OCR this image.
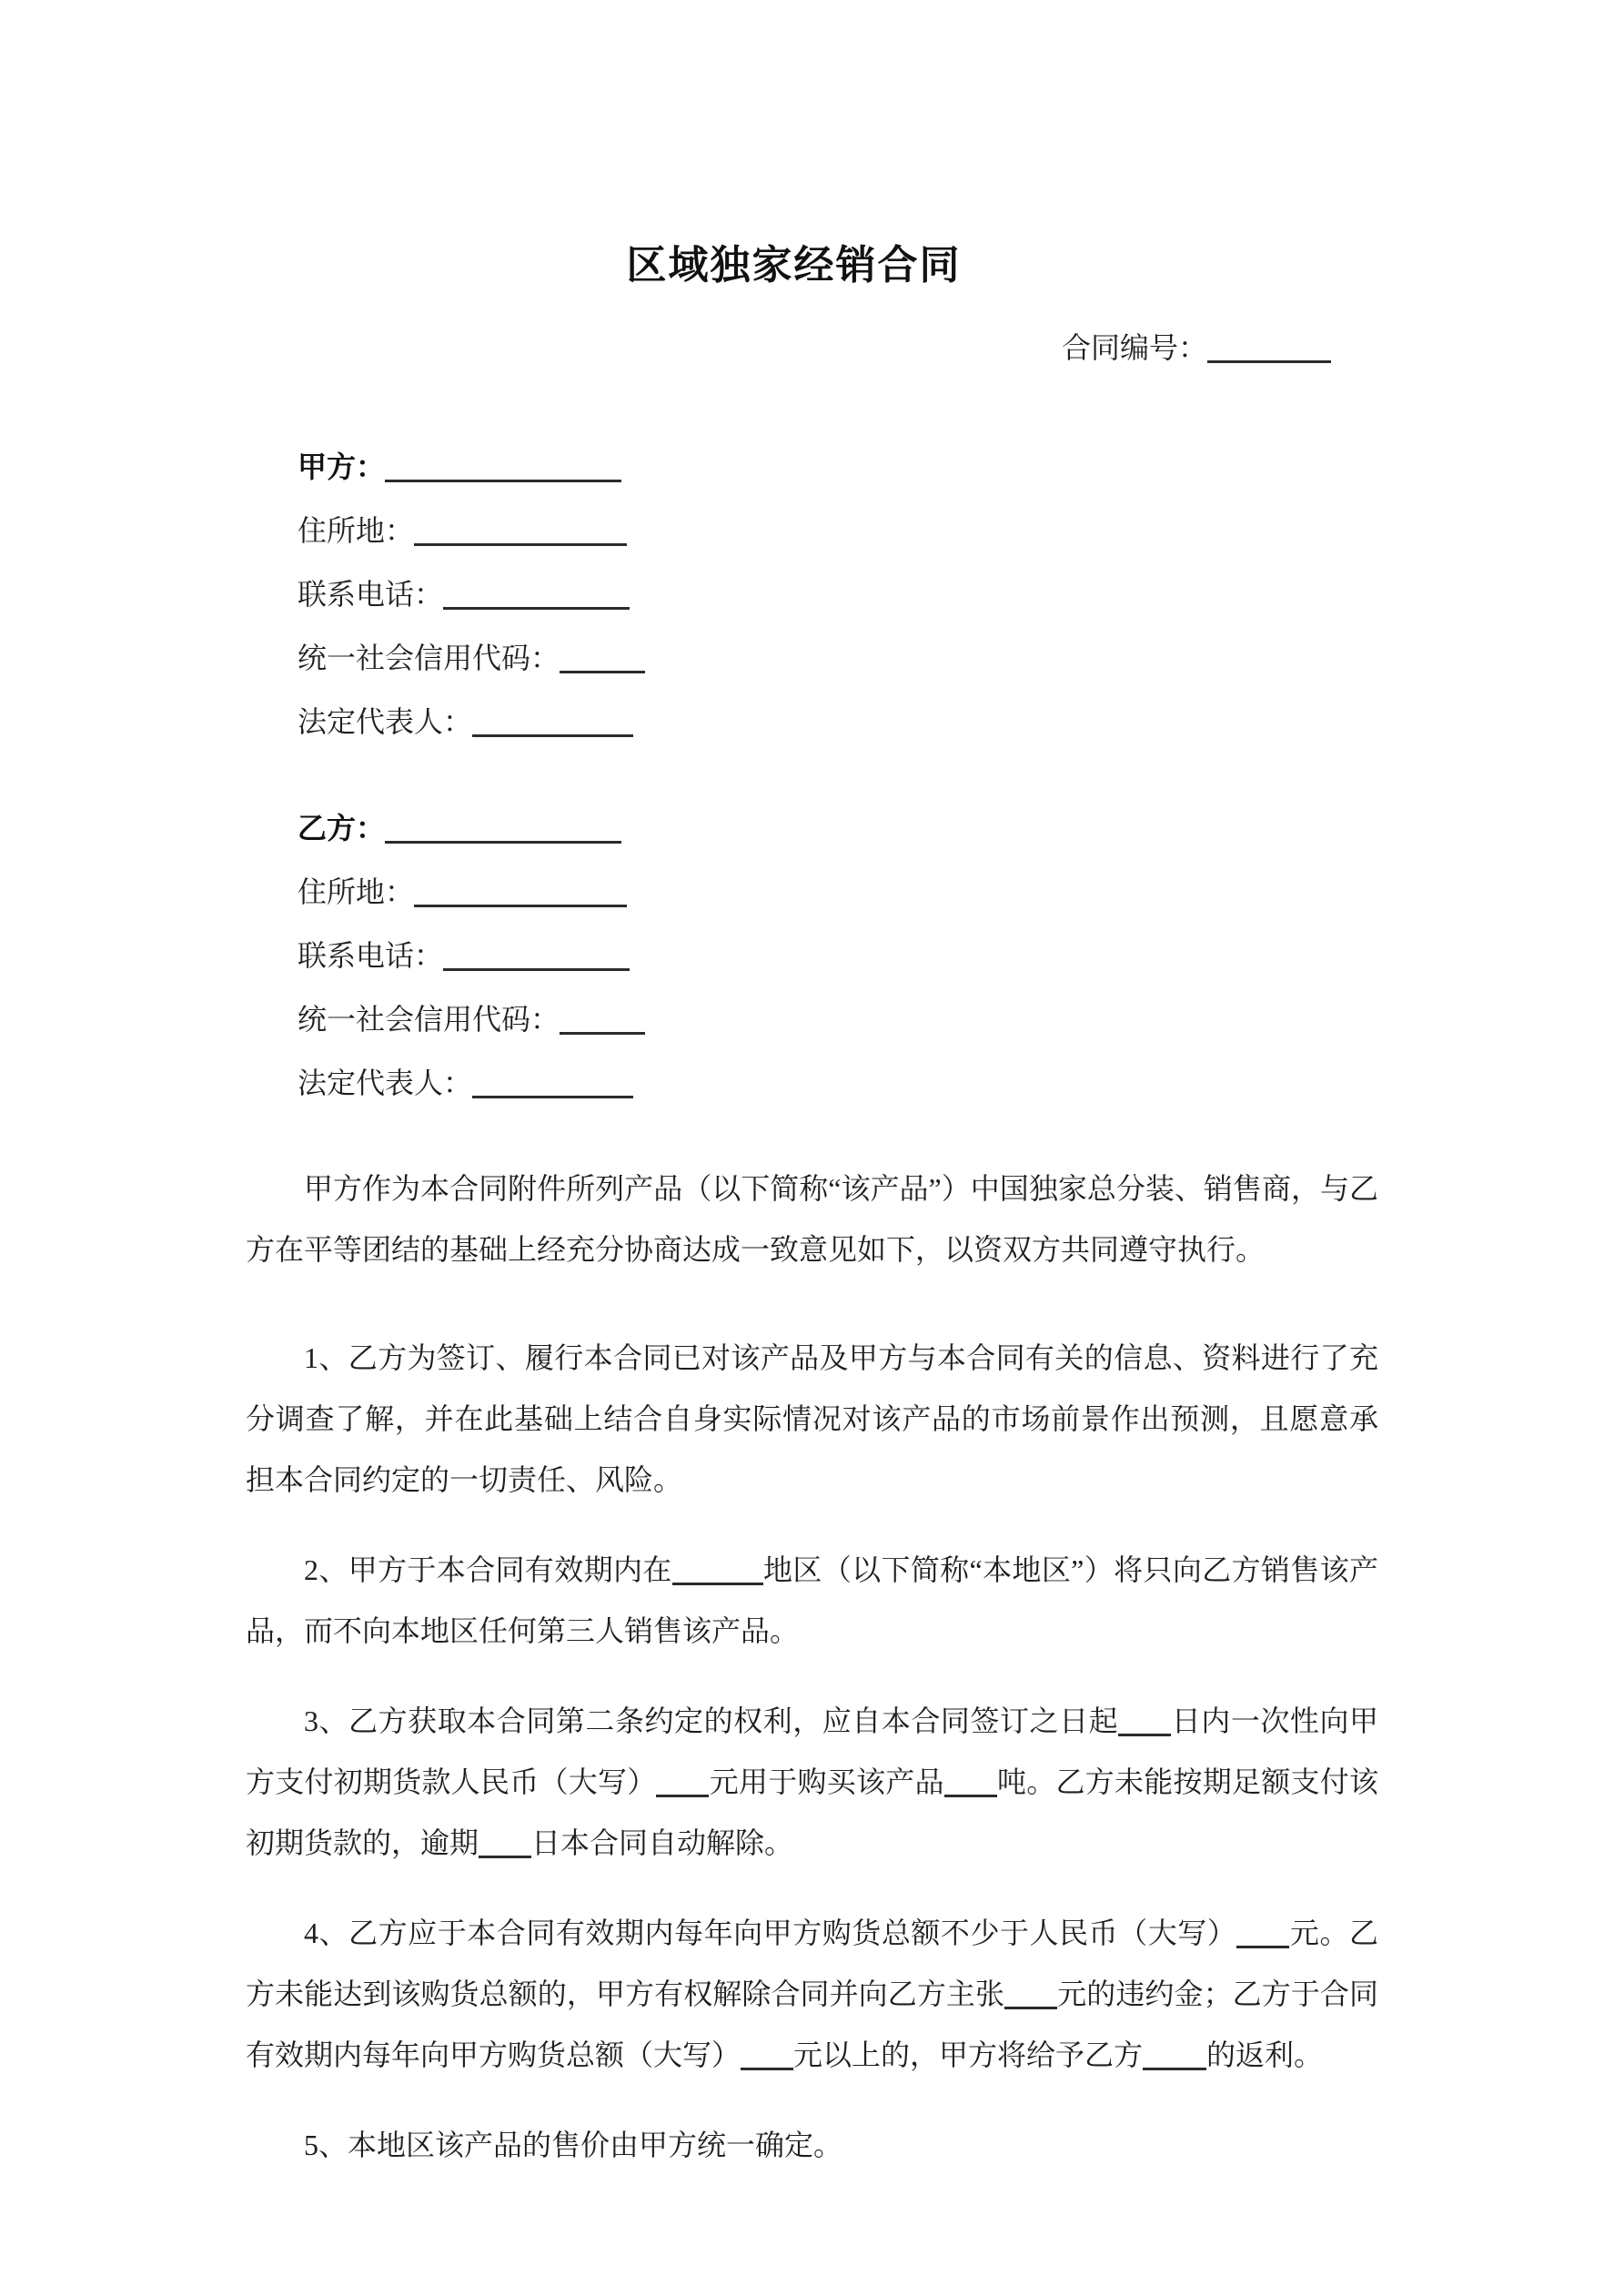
区域独家经销合同
合同编号：
甲方：
住所地：
联系电话：
统一社会信用代码：
法定代表人：
乙方：
住所地：
联系电话：
统一社会信用代码：
法定代表人：

甲方作为本合同附件所列产品（以下简称“该产品”）中国独家总分装、销售商，与乙方在平等团结的基础上经充分协商达成一致意见如下，以资双方共同遵守执行。

1、乙方为签订、履行本合同已对该产品及甲方与本合同有关的信息、资料进行了充分调查了解，并在此基础上结合自身实际情况对该产品的市场前景作出预测，且愿意承担本合同约定的一切责任、风险。

2、甲方于本合同有效期内在	地区（以下简称“本地区”）将只向乙方销售该产品，而不向本地区任何第三人销售该产品。

3、乙方获取本合同第二条约定的权利，应自本合同签订之日起 日内一次性向甲方支付初期货款人民币（大写） 元用于购买该产品 吨。乙方未能按期足额支付该初期货款的，逾期 日本合同自动解除。

4、乙方应于本合同有效期内每年向甲方购货总额不少于人民币（大写） 元。乙方未能达到该购货总额的，甲方有权解除合同并向乙方主张 元的违约金；乙方于合同有效期内每年向甲方购货总额（大写） 元以上的，甲方将给予乙方 的返利。

5、本地区该产品的售价由甲方统一确定。
